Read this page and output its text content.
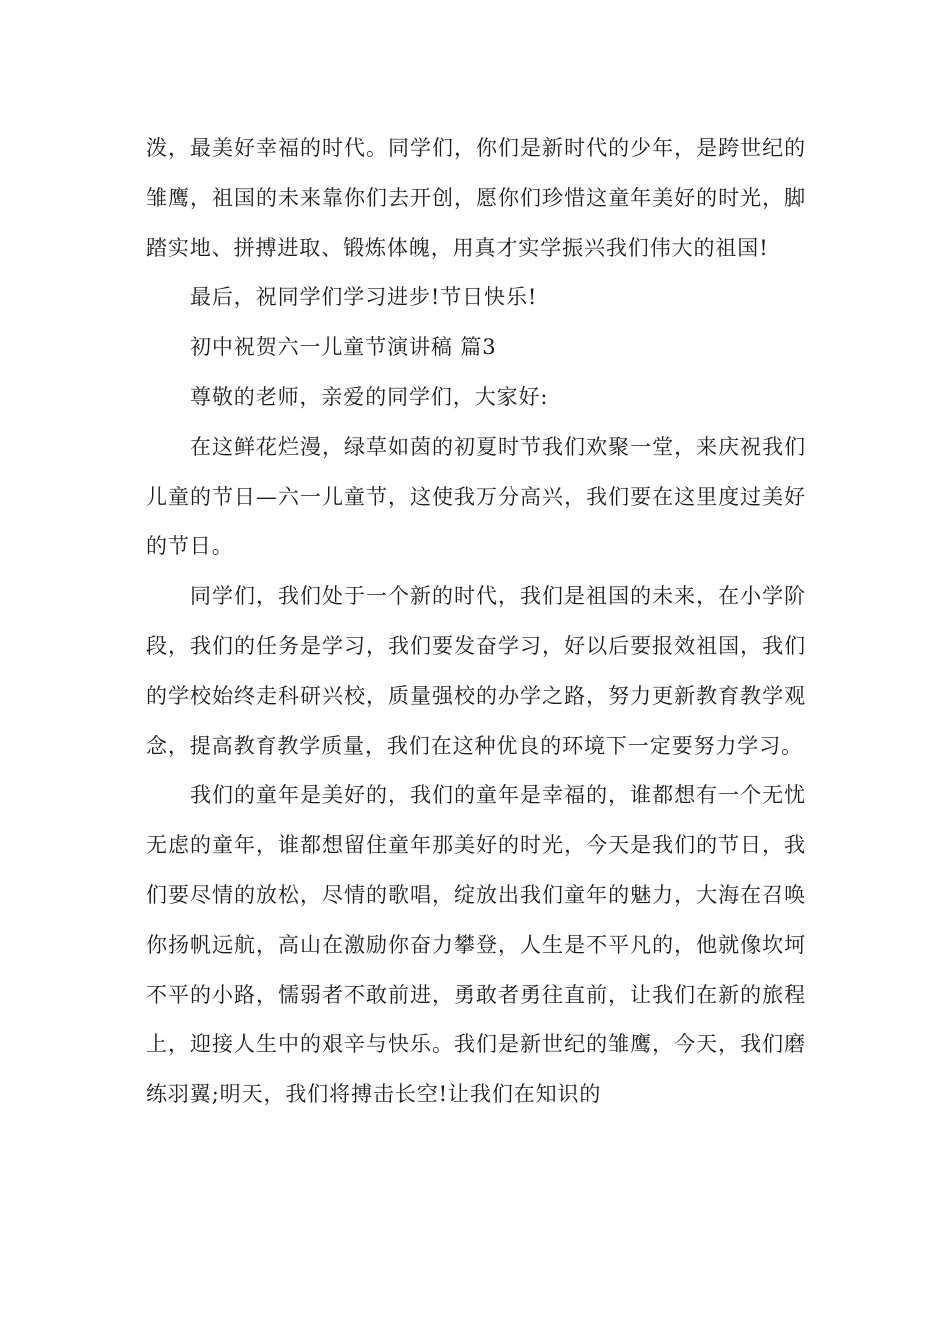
泼，最美好幸福的时代。同学们，你们是新时代的少年，是跨世纪的雏鹰，祖国的未来靠你们去开创，愿你们珍惜这童年美好的时光，脚踏实地、拼搏进取、锻炼体魄，用真才实学振兴我们伟大的祖国!

最后，祝同学们学习进步!节日快乐!

初中祝贺六一儿童节演讲稿 篇3

尊敬的老师，亲爱的同学们，大家好:

在这鲜花烂漫，绿草如茵的初夏时节我们欢聚一堂，来庆祝我们儿童的节日—六一儿童节，这使我万分高兴，我们要在这里度过美好的节日。

同学们，我们处于一个新的时代，我们是祖国的未来，在小学阶段，我们的任务是学习，我们要发奋学习，好以后要报效祖国，我们的学校始终走科研兴校，质量强校的办学之路，努力更新教育教学观念，提高教育教学质量，我们在这种优良的环境下一定要努力学习。

我们的童年是美好的，我们的童年是幸福的，谁都想有一个无忧无虑的童年，谁都想留住童年那美好的时光，今天是我们的节日，我们要尽情的放松，尽情的歌唱，绽放出我们童年的魅力，大海在召唤你扬帆远航，高山在激励你奋力攀登，人生是不平凡的，他就像坎坷不平的小路，懦弱者不敢前进，勇敢者勇往直前，让我们在新的旅程上，迎接人生中的艰辛与快乐。我们是新世纪的雏鹰，今天，我们磨练羽翼;明天，我们将搏击长空!让我们在知识的
